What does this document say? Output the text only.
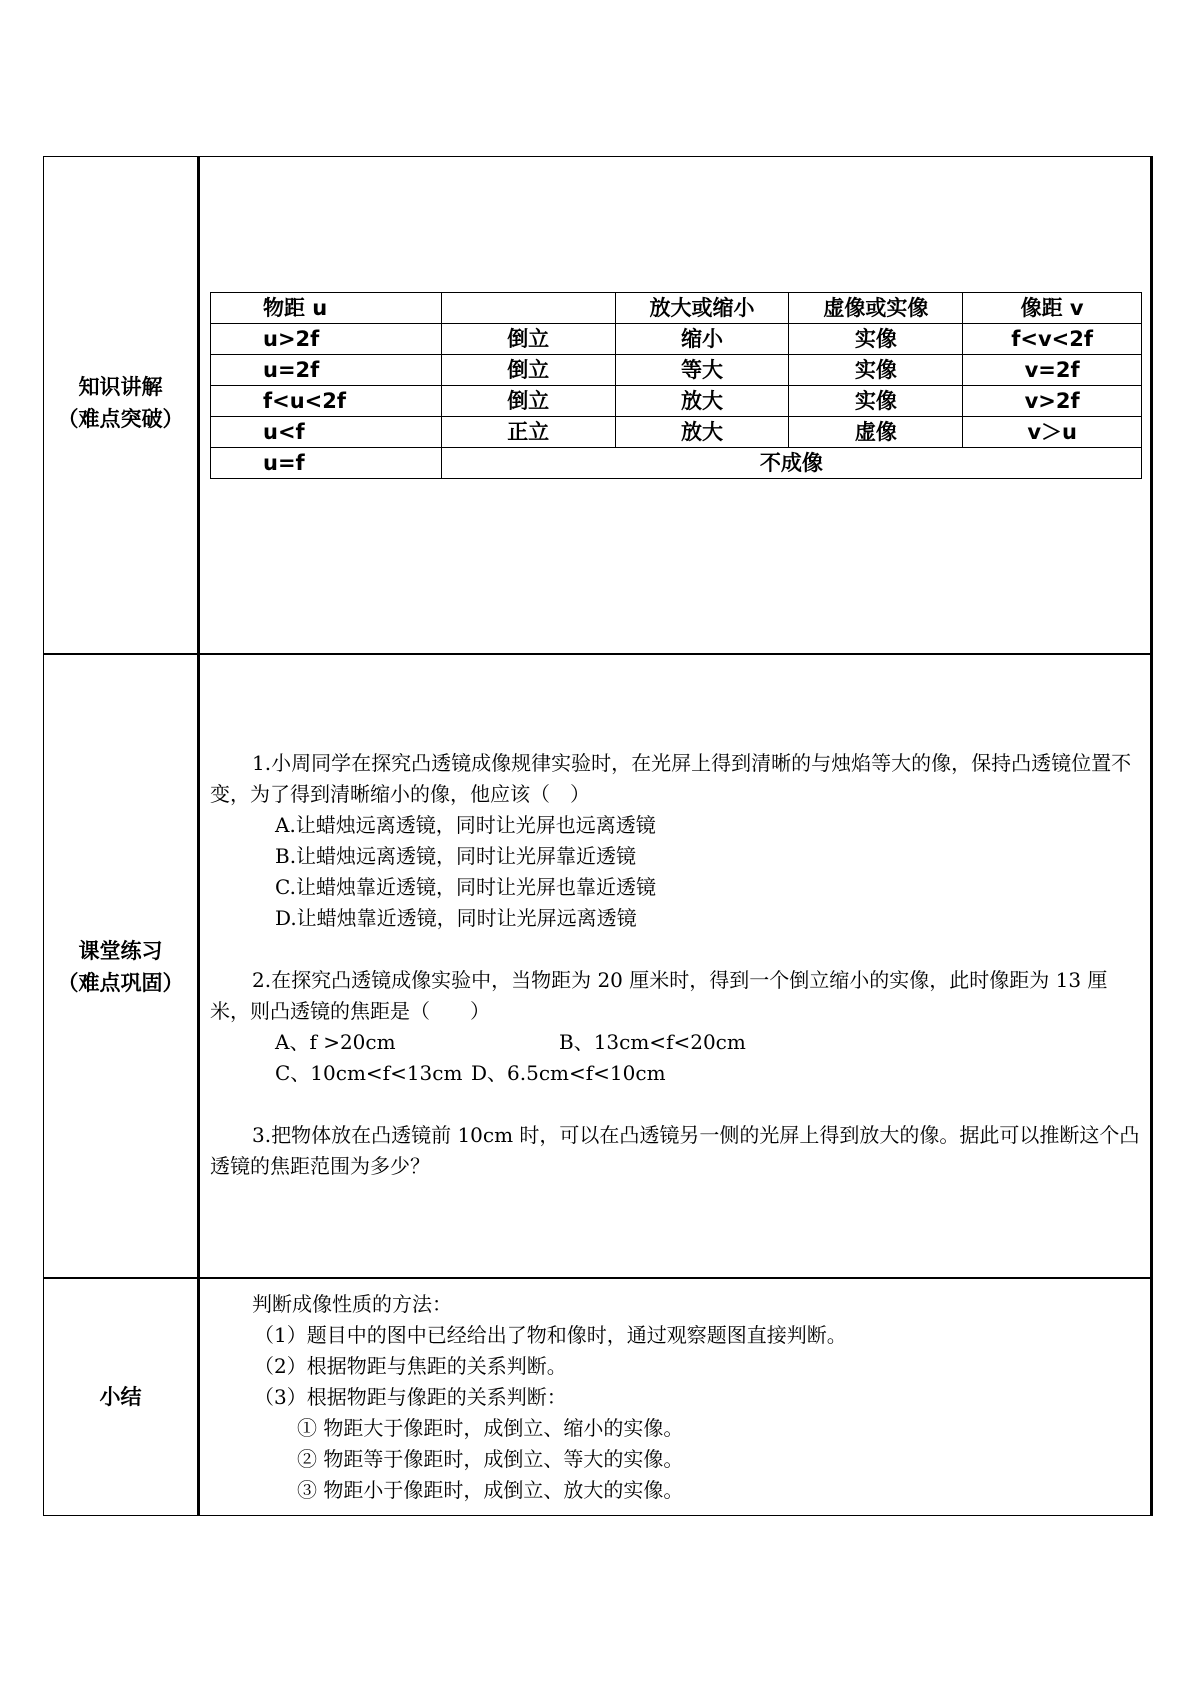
知识讲解
（难点突破）
课堂练习
（难点巩固）
小结
物距 u		放大或缩小	虚像或实像	像距 v
u>2f	倒立	缩小	实像	f<v<2f
u=2f	倒立	等大	实像	v=2f
f<u<2f	倒立	放大	实像	v>2f
u<f	正立	放大	虚像	v＞u
u=f	不成像			
1.小周同学在探究凸透镜成像规律实验时，在光屏上得到清晰的与烛焰等大的像，保持凸透镜位置不变，为了得到清晰缩小的像，他应该（　）
A.让蜡烛远离透镜，同时让光屏也远离透镜
B.让蜡烛远离透镜，同时让光屏靠近透镜
C.让蜡烛靠近透镜，同时让光屏也靠近透镜
D.让蜡烛靠近透镜，同时让光屏远离透镜
2.在探究凸透镜成像实验中，当物距为 20 厘米时，得到一个倒立缩小的实像，此时像距为 13 厘米，则凸透镜的焦距是（　　）
A、f >20cm	B、13cm<f<20cm
C、10cm<f<13cm D、6.5cm<f<10cm
3.把物体放在凸透镜前 10cm 时，可以在凸透镜另一侧的光屏上得到放大的像。据此可以推断这个凸透镜的焦距范围为多少？
判断成像性质的方法：
（1）题目中的图中已经给出了物和像时，通过观察题图直接判断。
（2）根据物距与焦距的关系判断。
（3）根据物距与像距的关系判断：
① 物距大于像距时，成倒立、缩小的实像。
② 物距等于像距时，成倒立、等大的实像。
③ 物距小于像距时，成倒立、放大的实像。
